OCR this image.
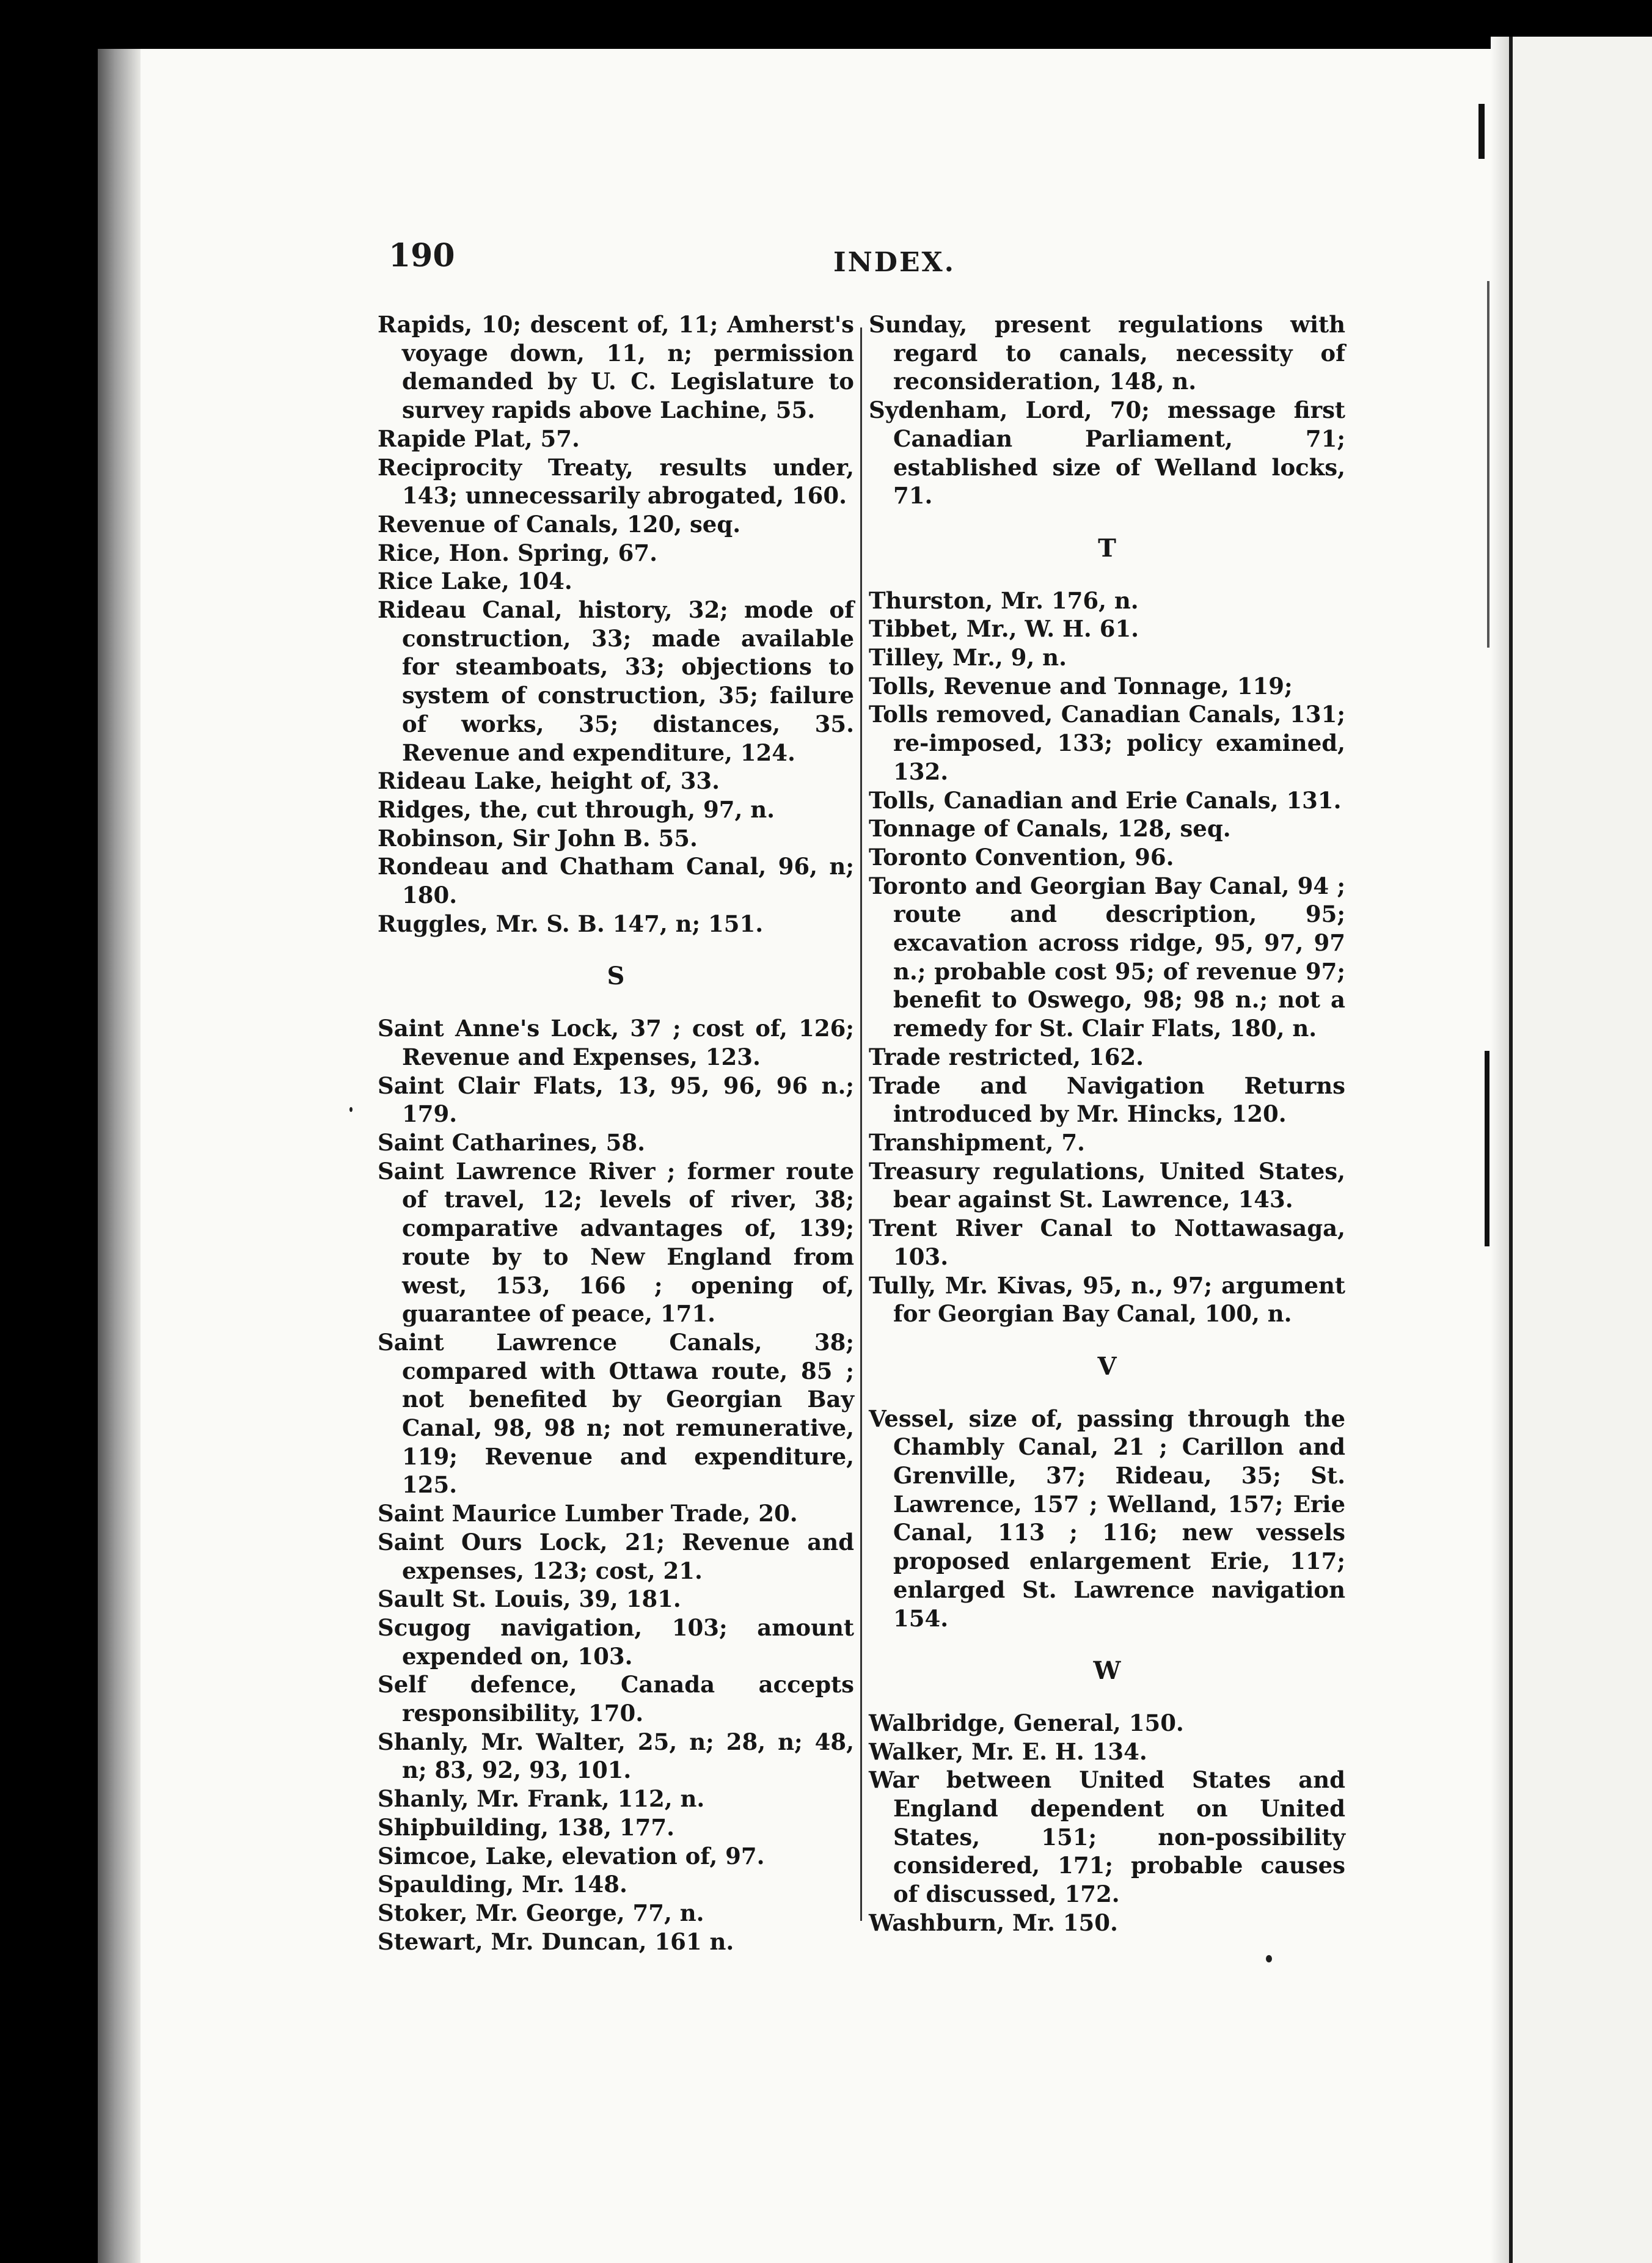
190	INDEX.

Rapids, 10; descent of, 11; Amherst's voyage down, 11, n; permission demanded by U. C. Legislature to survey rapids above Lachine, 55.

Rapide Plat, 57.

Reciprocity Treaty, results under, 143; unnecessarily abrogated, 160.

Revenue of Canals, 120, seq.

Rice, Hon. Spring, 67.

Rice Lake, 104.

Rideau Canal, history, 32; mode of construction, 33; made available for steamboats, 33; objections to system of construction, 35; failure of works, 35; distances, 35. Revenue and expenditure, 124.

Rideau Lake, height of, 33.

Ridges, the, cut through, 97, n.

Robinson, Sir John B. 55.

Rondeau and Chatham Canal, 96, n; 180.

Ruggles, Mr. S. B. 147, n; 151.

S

Saint Anne's Lock, 37 ; cost of, 126; Revenue and Expenses, 123.

Saint Clair Flats, 13, 95, 96, 96 n.; 179.

Saint Catharines, 58.

Saint Lawrence River ; former route of travel, 12; levels of river, 38; comparative advantages of, 139; route by to New England from west, 153, 166 ; opening of, guarantee of peace, 171.

Saint Lawrence Canals, 38; compared with Ottawa route, 85 ; not benefited by Georgian Bay Canal, 98, 98 n; not remunerative, 119; Revenue and expenditure, 125.

Saint Maurice Lumber Trade, 20.

Saint Ours Lock, 21; Revenue and expenses, 123; cost, 21.

Sault St. Louis, 39, 181.

Scugog navigation, 103; amount expended on, 103.

Self defence, Canada accepts responsibility, 170.

Shanly, Mr. Walter, 25, n; 28, n; 48, n; 83, 92, 93, 101.

Shanly, Mr. Frank, 112, n.

Shipbuilding, 138, 177.

Simcoe, Lake, elevation of, 97.

Spaulding, Mr. 148.

Stoker, Mr. George, 77, n.

Stewart, Mr. Duncan, 161 n.

Sunday, present regulations with regard to canals, necessity of reconsideration, 148, n.

Sydenham, Lord, 70; message first Canadian Parliament, 71; established size of Welland locks, 71.

T

Thurston, Mr. 176, n.

Tibbet, Mr., W. H. 61.

Tilley, Mr., 9, n.

Tolls, Revenue and Tonnage, 119;

Tolls removed, Canadian Canals, 131; re-imposed, 133; policy examined, 132.

Tolls, Canadian and Erie Canals, 131.

Tonnage of Canals, 128, seq.

Toronto Convention, 96.

Toronto and Georgian Bay Canal, 94 ; route and description, 95; excavation across ridge, 95, 97, 97 n.; probable cost 95; of revenue 97; benefit to Oswego, 98; 98 n.; not a remedy for St. Clair Flats, 180, n.

Trade restricted, 162.

Trade and Navigation Returns introduced by Mr. Hincks, 120.

Transhipment, 7.

Treasury regulations, United States, bear against St. Lawrence, 143.

Trent River Canal to Nottawasaga, 103.

Tully, Mr. Kivas, 95, n., 97; argument for Georgian Bay Canal, 100, n.

V

Vessel, size of, passing through the Chambly Canal, 21 ; Carillon and Grenville, 37; Rideau, 35; St. Lawrence, 157 ; Welland, 157; Erie Canal, 113 ; 116; new vessels proposed enlargement Erie, 117; enlarged St. Lawrence navigation 154.

W

Walbridge, General, 150.

Walker, Mr. E. H. 134.

War between United States and England dependent on United States, 151; non-possibility considered, 171; probable causes of discussed, 172.

Washburn, Mr. 150.
